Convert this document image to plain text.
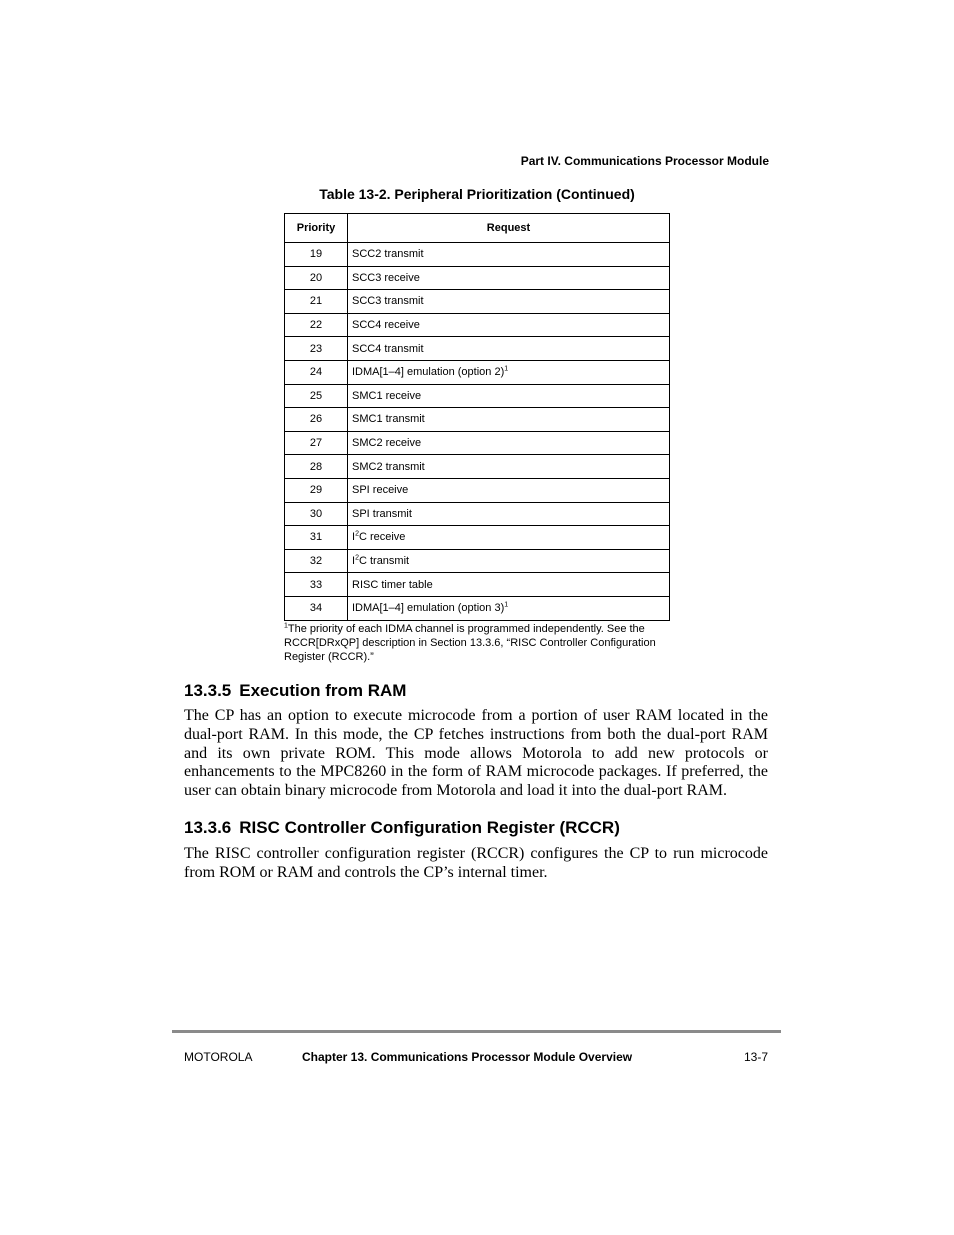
Part IV. Communications Processor Module
Table 13-2. Peripheral Prioritization (Continued)
Priority	Request
19	SCC2 transmit
20	SCC3 receive
21	SCC3 transmit
22	SCC4 receive
23	SCC4 transmit
24	IDMA[1–4] emulation (option 2)$^1$
25	SMC1 receive
26	SMC1 transmit
27	SMC2 receive
28	SMC2 transmit
29	SPI receive
30	SPI transmit
31	$I^2C$ receive
32	$I^2C$ transmit
33	RISC timer table
34	IDMA[1–4] emulation (option 3)$^1$
$^1$The priority of each IDMA channel is programmed independently. See the RCCR[DRxQP] description in Section 13.3.6, “RISC Controller Configuration Register (RCCR).”
13.3.5 Execution from RAM

The CP has an option to execute microcode from a portion of user RAM located in the dual-port RAM. In this mode, the CP fetches instructions from both the dual-port RAM and its own private ROM. This mode allows Motorola to add new protocols or enhancements to the MPC8260 in the form of RAM microcode packages. If preferred, the user can obtain binary microcode from Motorola and load it into the dual-port RAM.

13.3.6 RISC Controller Configuration Register (RCCR)

The RISC controller configuration register (RCCR) configures the CP to run microcode from ROM or RAM and controls the CP’s internal timer.

MOTOROLA	Chapter 13. Communications Processor Module Overview	13-7
